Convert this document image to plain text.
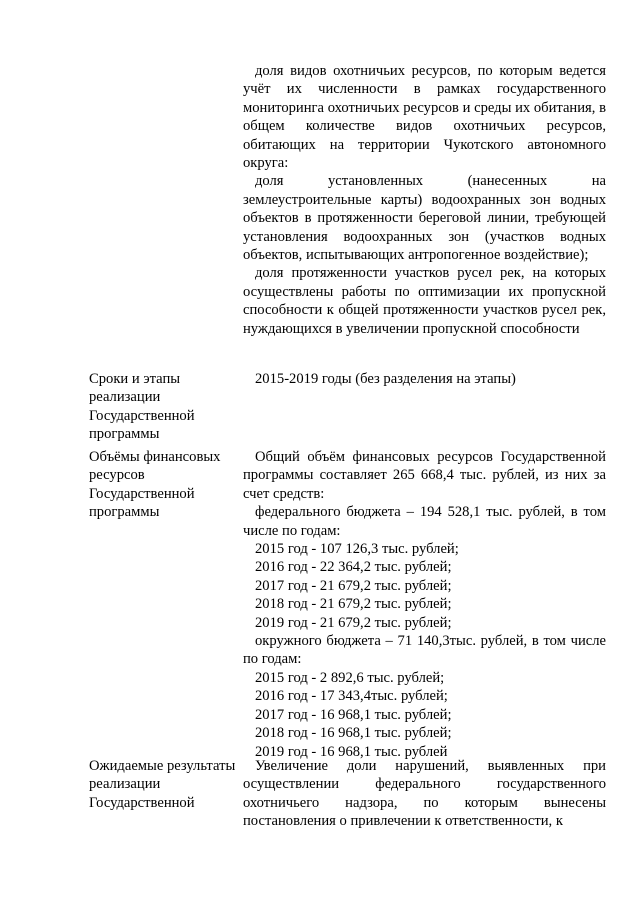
доля видов охотничьих ресурсов, по которым ведется учёт их численности в рамках государственного мониторинга охотничьих ресурсов и среды их обитания, в общем количестве видов охотничьих ресурсов, обитающих на территории Чукотского автономного округа:

доля установленных (нанесенных на землеустроительные карты) водоохранных зон водных объектов в протяженности береговой линии, требующей установления водоохранных зон (участков водных объектов, испытывающих антропогенное воздействие);

доля протяженности участков русел рек, на которых осуществлены работы по оптимизации их пропускной способности к общей протяженности участков русел рек, нуждающихся в увеличении пропускной способности

Сроки и этапы реализации Государственной программы

2015-2019 годы (без разделения на этапы)

Объёмы финансовых ресурсов Государственной программы

Общий объём финансовых ресурсов Государственной программы составляет 265 668,4 тыс. рублей, из них за счет средств:

федерального бюджета – 194 528,1 тыс. рублей, в том числе по годам:

2015 год - 107 126,3 тыс. рублей;
2016 год - 22 364,2 тыс. рублей;
2017 год - 21 679,2 тыс. рублей;
2018 год - 21 679,2 тыс. рублей;
2019 год - 21 679,2 тыс. рублей;

окружного бюджета – 71 140,3тыс. рублей, в том числе по годам:

2015 год - 2 892,6 тыс. рублей;
2016 год - 17 343,4тыс. рублей;
2017 год - 16 968,1 тыс. рублей;
2018 год - 16 968,1 тыс. рублей;
2019 год - 16 968,1 тыс. рублей
Ожидаемые результаты реализации Государственной

Увеличение доли нарушений, выявленных при осуществлении федерального государственного охотничьего надзора, по которым вынесены постановления о привлечении к ответственности, к
